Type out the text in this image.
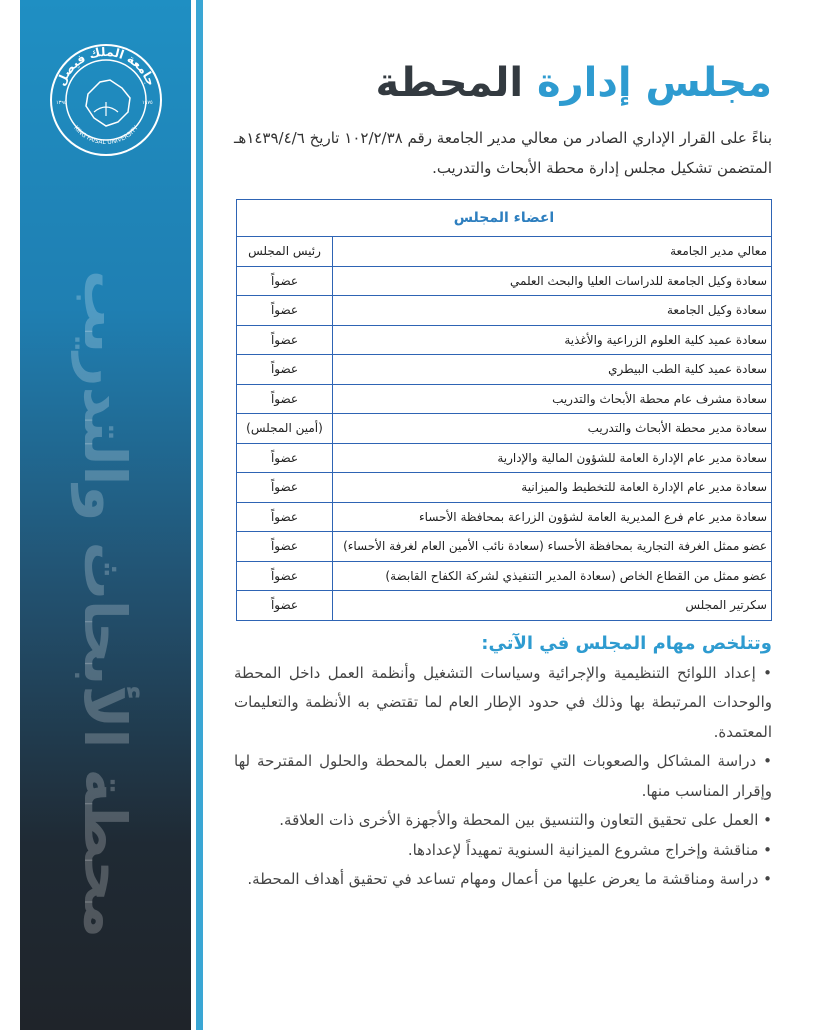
جامعة الملك فيصل
KING FAISAL UNIVERSITY
١٣٩٥	١٩٧٥
محطة الأبحاث والتدريب
مجلس إدارة المحطة

بناءً على القرار الإداري الصادر من معالي مدير الجامعة رقم ١٠٢/٢/٣٨ تاريخ ١٤٣٩/٤/٦هـ المتضمن تشكيل مجلس إدارة محطة الأبحاث والتدريب.

اعضاء المجلس	
معالي مدير الجامعة	رئيس المجلس
سعادة وكيل الجامعة للدراسات العليا والبحث العلمي	عضواً
سعادة وكيل الجامعة	عضواً
سعادة عميد كلية العلوم الزراعية والأغذية	عضواً
سعادة عميد كلية الطب البيطري	عضواً
سعادة مشرف عام محطة الأبحاث والتدريب	عضواً
سعادة مدير محطة الأبحاث والتدريب	(أمين المجلس)
سعادة مدير عام الإدارة العامة للشؤون المالية والإدارية	عضواً
سعادة مدير عام الإدارة العامة للتخطيط والميزانية	عضواً
سعادة مدير عام فرع المديرية العامة لشؤون الزراعة بمحافظة الأحساء	عضواً
عضو ممثل الغرفة التجارية بمحافظة الأحساء (سعادة نائب الأمين العام لغرفة الأحساء)	عضواً
عضو ممثل من القطاع الخاص (سعادة المدير التنفيذي لشركة الكفاح القابضة)	عضواً
سكرتير المجلس	عضواً
وتتلخص مهام المجلس في الآتي:

• إعداد اللوائح التنظيمية والإجرائية وسياسات التشغيل وأنظمة العمل داخل المحطة والوحدات المرتبطة بها وذلك في حدود الإطار العام لما تقتضي به الأنظمة والتعليمات المعتمدة.

• دراسة المشاكل والصعوبات التي تواجه سير العمل بالمحطة والحلول المقترحة لها وإقرار المناسب منها.

• العمل على تحقيق التعاون والتنسيق بين المحطة والأجهزة الأخرى ذات العلاقة.

• مناقشة وإخراج مشروع الميزانية السنوية تمهيداً لإعدادها.

• دراسة ومناقشة ما يعرض عليها من أعمال ومهام تساعد في تحقيق أهداف المحطة.
